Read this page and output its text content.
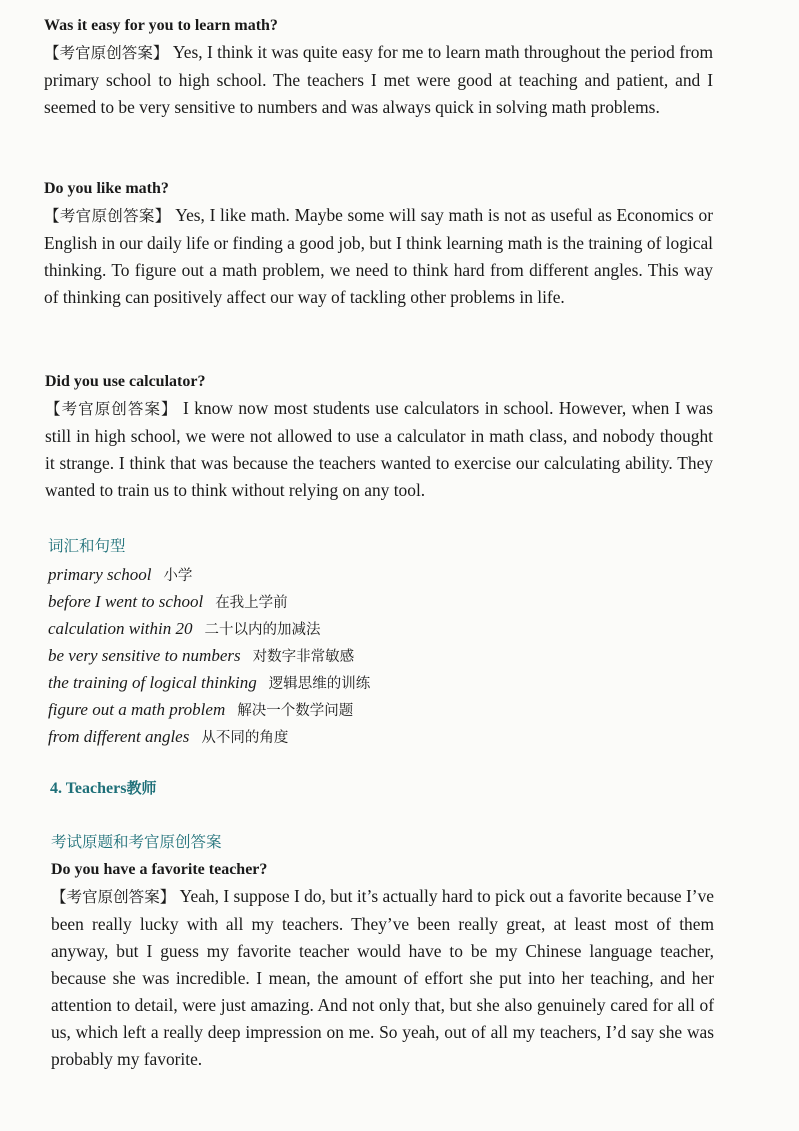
Was it easy for you to learn math?

【考官原创答案】 Yes, I think it was quite easy for me to learn math throughout the period from primary school to high school. The teachers I met were good at teaching and patient, and I seemed to be very sensitive to numbers and was always quick in solving math problems.

Do you like math?

【考官原创答案】 Yes, I like math. Maybe some will say math is not as useful as Economics or English in our daily life or finding a good job, but I think learning math is the training of logical thinking. To figure out a math problem, we need to think hard from different angles. This way of thinking can positively affect our way of tackling other problems in life.

Did you use calculator?

【考官原创答案】 I know now most students use calculators in school. However, when I was still in high school, we were not allowed to use a calculator in math class, and nobody thought it strange. I think that was because the teachers wanted to exercise our calculating ability. They wanted to train us to think without relying on any tool.

词汇和句型

primary school 小学
before I went to school 在我上学前
calculation within 20 二十以内的加减法
be very sensitive to numbers 对数字非常敏感
the training of logical thinking 逻辑思维的训练
figure out a math problem 解决一个数学问题
from different angles 从不同的角度

4. Teachers教师

考试原题和考官原创答案

Do you have a favorite teacher?

【考官原创答案】 Yeah, I suppose I do, but it’s actually hard to pick out a favorite because I’ve been really lucky with all my teachers. They’ve been really great, at least most of them anyway, but I guess my favorite teacher would have to be my Chinese language teacher, because she was incredible. I mean, the amount of effort she put into her teaching, and her attention to detail, were just amazing. And not only that, but she also genuinely cared for all of us, which left a really deep impression on me. So yeah, out of all my teachers, I’d say she was probably my favorite.
